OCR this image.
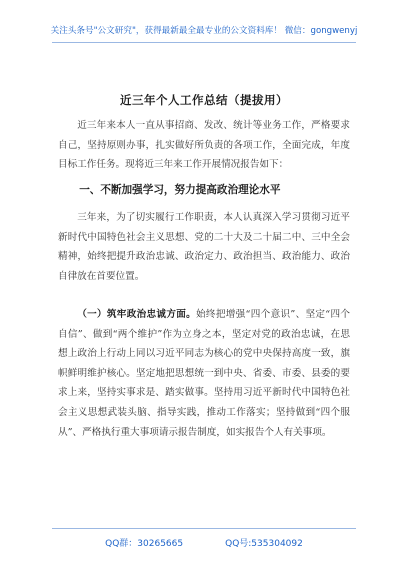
关注头条号"公文研究"，获得最新最全最专业的公文资料库！ 微信：gongwenyj
近三年个人工作总结（提拔用）
近三年来本人一直从事招商、发改、统计等业务工作，严格要求自己，坚持原则办事，扎实做好所负责的各项工作，全面完成，年度目标工作任务。现将近三年来工作开展情况报告如下：
一、不断加强学习，努力提高政治理论水平
三年来，为了切实履行工作职责，本人认真深入学习贯彻习近平新时代中国特色社会主义思想、党的二十大及二十届二中、三中全会精神，始终把提升政治忠诚、政治定力、政治担当、政治能力、政治自律放在首要位置。
（一）筑牢政治忠诚方面。始终把增强“四个意识”、坚定“四个自信”、做到“两个维护”作为立身之本，坚定对党的政治忠诚，在思想上政治上行动上同以习近平同志为核心的党中央保持高度一致，旗帜鲜明维护核心。坚定地把思想统一到中央、省委、市委、县委的要求上来，坚持实事求是、踏实做事。坚持用习近平新时代中国特色社会主义思想武装头脑、指导实践，推动工作落实；坚持做到“四个服从”、严格执行重大事项请示报告制度，如实报告个人有关事项。
QQ群：30265665	QQ号:535304092
